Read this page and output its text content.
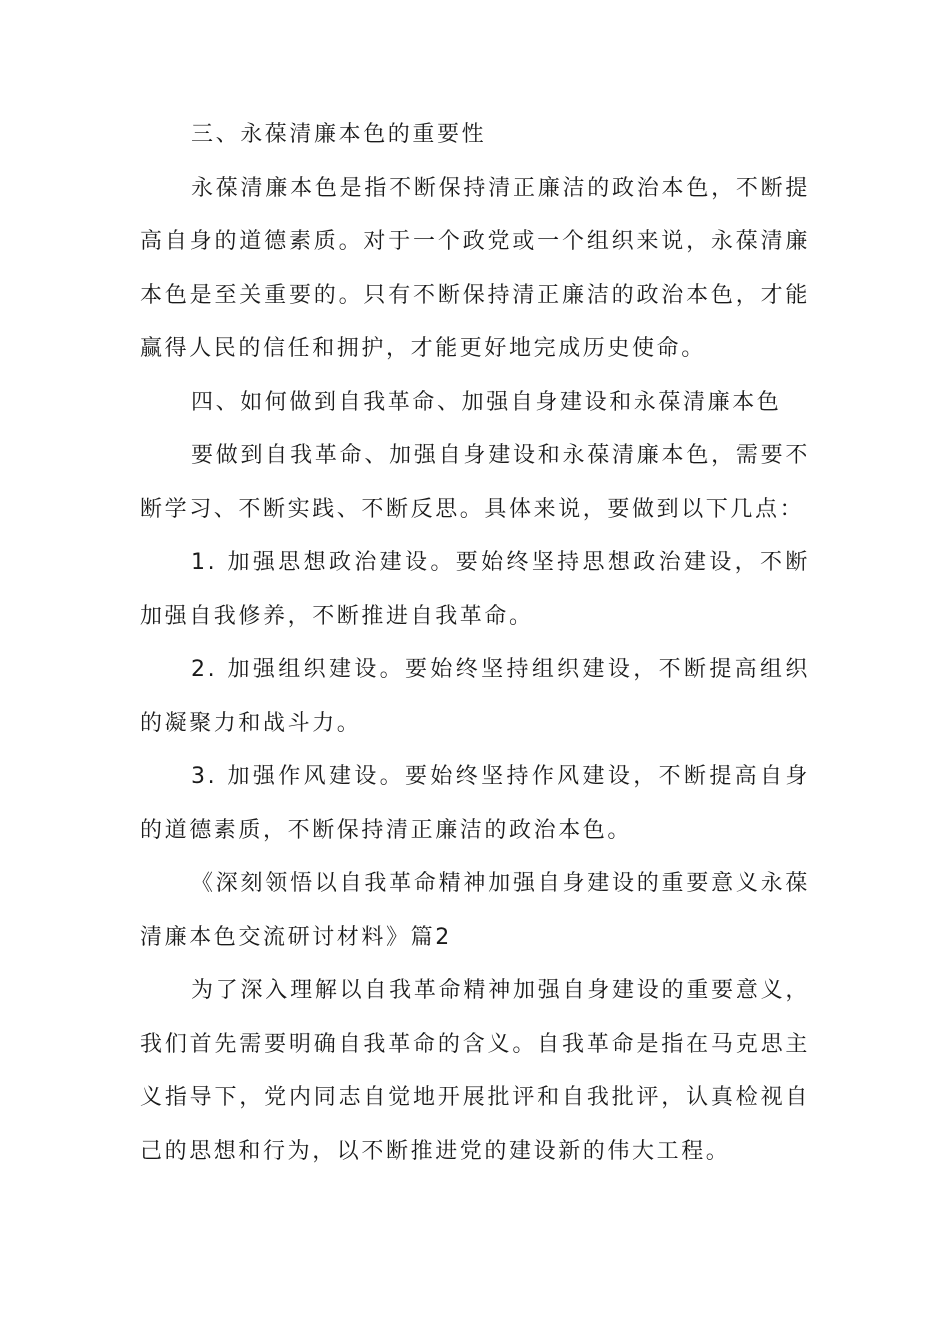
三、永葆清廉本色的重要性

永葆清廉本色是指不断保持清正廉洁的政治本色，不断提高自身的道德素质。对于一个政党或一个组织来说，永葆清廉本色是至关重要的。只有不断保持清正廉洁的政治本色，才能赢得人民的信任和拥护，才能更好地完成历史使命。

四、如何做到自我革命、加强自身建设和永葆清廉本色

要做到自我革命、加强自身建设和永葆清廉本色，需要不断学习、不断实践、不断反思。具体来说，要做到以下几点：

1. 加强思想政治建设。要始终坚持思想政治建设，不断加强自我修养，不断推进自我革命。

2. 加强组织建设。要始终坚持组织建设，不断提高组织的凝聚力和战斗力。

3. 加强作风建设。要始终坚持作风建设，不断提高自身的道德素质，不断保持清正廉洁的政治本色。

《深刻领悟以自我革命精神加强自身建设的重要意义永葆清廉本色交流研讨材料》篇2

为了深入理解以自我革命精神加强自身建设的重要意义，我们首先需要明确自我革命的含义。自我革命是指在马克思主义指导下，党内同志自觉地开展批评和自我批评，认真检视自己的思想和行为，以不断推进党的建设新的伟大工程。
